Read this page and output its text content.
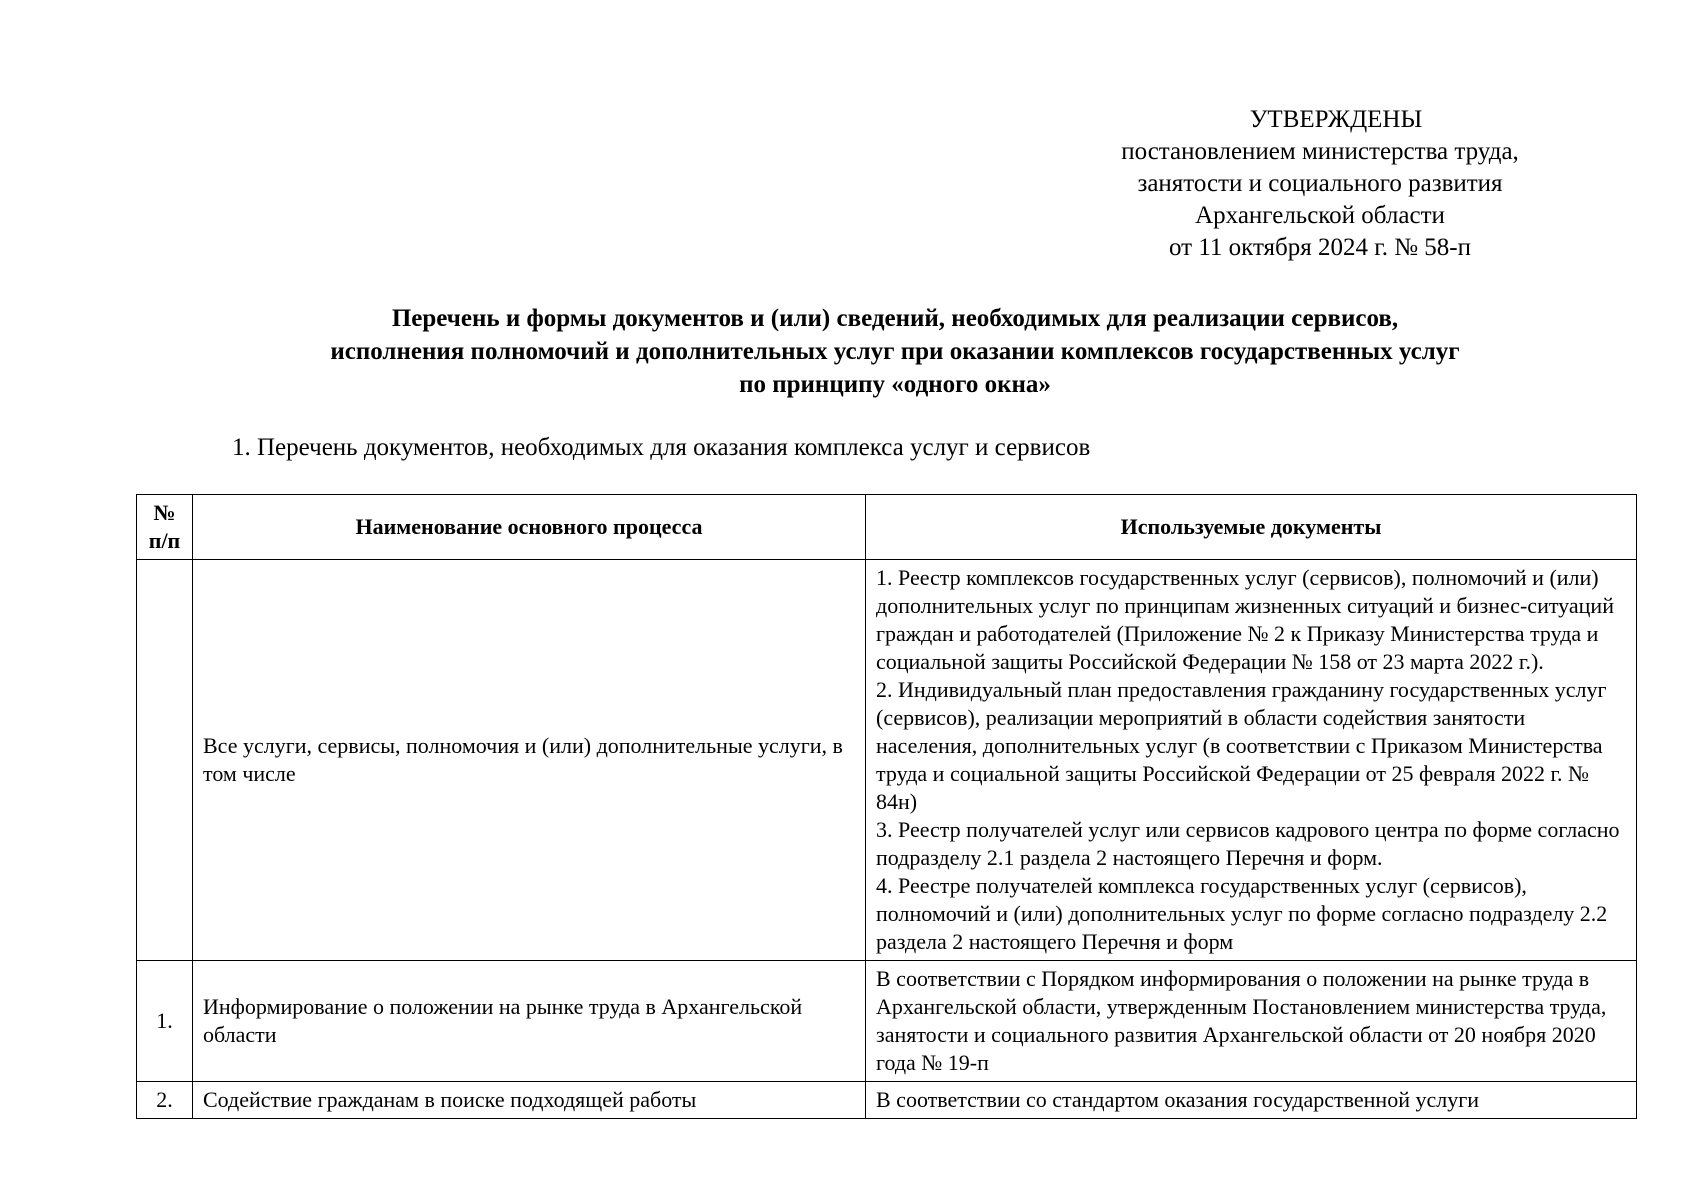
УТВЕРЖДЕНЫ
постановлением министерства труда,
занятости и социального развития
Архангельской области
от 11 октября 2024 г. № 58-п
Перечень и формы документов и (или) сведений, необходимых для реализации сервисов,
исполнения полномочий и дополнительных услуг при оказании комплексов государственных услуг
по принципу «одного окна»
1. Перечень документов, необходимых для оказания комплекса услуг и сервисов
№ п/п	Наименование основного процесса	Используемые документы
	Все услуги, сервисы, полномочия и (или) дополнительные услуги, в том числе	1. Реестр комплексов государственных услуг (сервисов), полномочий и (или) дополнительных услуг по принципам жизненных ситуаций и бизнес-ситуаций граждан и работодателей (Приложение № 2 к Приказу Министерства труда и социальной защиты Российской Федерации № 158 от 23 марта 2022 г.).
2. Индивидуальный план предоставления гражданину государственных услуг (сервисов), реализации мероприятий в области содействия занятости населения, дополнительных услуг (в соответствии с Приказом Министерства труда и социальной защиты Российской Федерации от 25 февраля 2022 г. № 84н)
3. Реестр получателей услуг или сервисов кадрового центра по форме согласно подразделу 2.1 раздела 2 настоящего Перечня и форм.
4. Реестре получателей комплекса государственных услуг (сервисов), полномочий и (или) дополнительных услуг по форме согласно подразделу 2.2 раздела 2 настоящего Перечня и форм

1.	Информирование о положении на рынке труда в Архангельской области	В соответствии с Порядком информирования о положении на рынке труда в Архангельской области, утвержденным Постановлением министерства труда, занятости и социального развития Архангельской области от 20 ноября 2020 года № 19-п

2.	Содействие гражданам в поиске подходящей работы	В соответствии со стандартом оказания государственной услуги
